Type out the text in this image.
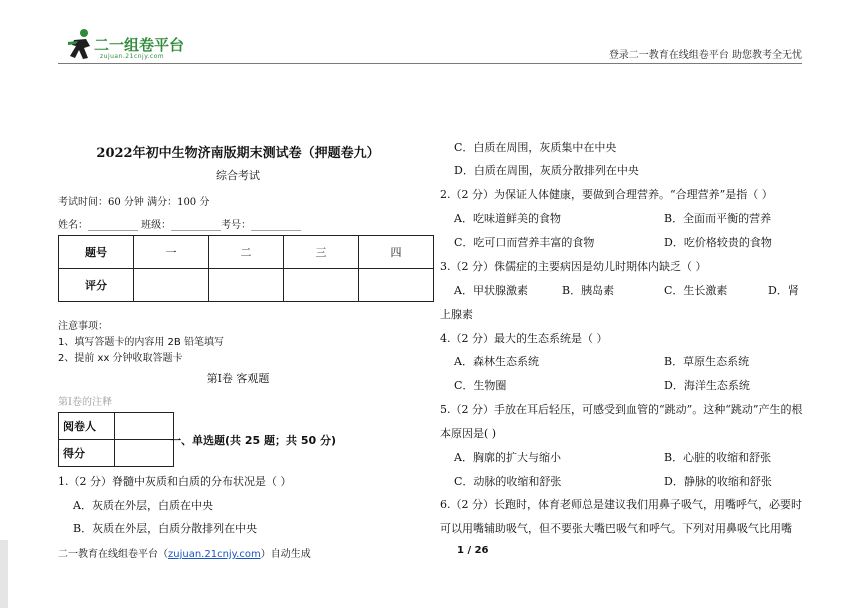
二一组卷平台
zujuan.21cnjy.com	登录二一教育在线组卷平台 助您教考全无忧
2022年初中生物济南版期末测试卷（押题卷九）
综合考试
考试时间：60 分钟 满分：100 分
姓名：__________ 班级：__________考号：__________
题号	一	二	三	四
评分				
注意事项：
1、填写答题卡的内容用 2B 铅笔填写
2、提前 xx 分钟收取答题卡
第Ⅰ卷 客观题
第Ⅰ卷的注释
阅卷人	
得分	
一、单选题(共 25 题；共 50 分)
1.（2 分）脊髓中灰质和白质的分布状况是（ ）
A．灰质在外层，白质在中央
B．灰质在外层，白质分散排列在中央
C．白质在周围，灰质集中在中央
D．白质在周围，灰质分散排列在中央
2.（2 分）为保证人体健康，要做到合理营养。“合理营养”是指（ ）
A．吃味道鲜美的食物	B．全面而平衡的营养
C．吃可口而营养丰富的食物	D．吃价格较贵的食物
3.（2 分）侏儒症的主要病因是幼儿时期体内缺乏（ ）
A．甲状腺激素	B．胰岛素	C．生长激素	D．肾
上腺素
4.（2 分）最大的生态系统是（ ）
A．森林生态系统	B．草原生态系统
C．生物圈	D．海洋生态系统
5.（2 分）手放在耳后轻压，可感受到血管的“跳动”。这种“跳动”产生的根
本原因是( )
A．胸廓的扩大与缩小	B．心脏的收缩和舒张
C．动脉的收缩和舒张	D．静脉的收缩和舒张
6.（2 分）长跑时，体育老师总是建议我们用鼻子吸气，用嘴呼气，必要时
可以用嘴辅助吸气，但不要张大嘴巴吸气和呼气。下列对用鼻吸气比用嘴
二一教育在线组卷平台（zujuan.21cnjy.com）自动生成	1 / 26
